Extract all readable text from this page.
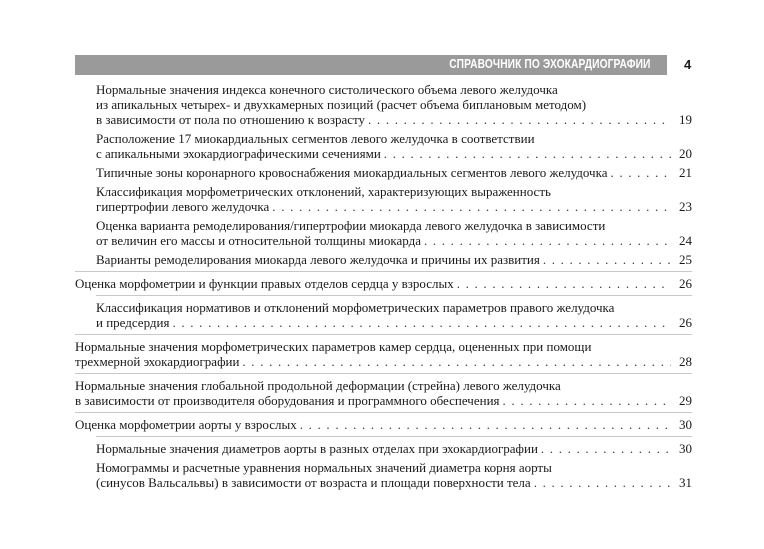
СПРАВОЧНИК ПО ЭХОКАРДИОГРАФИИ	4
Нормальные значения индекса конечного систолического объема левого желудочка
из апикальных четырех- и двухкамерных позиций (расчет объема биплановым методом)
в зависимости от пола по отношению к возрасту . . .	19
Расположение 17 миокардиальных сегментов левого желудочка в соответствии
с апикальными эхокардиографическими сечениями . . .	20
Типичные зоны коронарного кровоснабжения миокардиальных сегментов левого желудочка . . .	21
Классификация морфометрических отклонений, характеризующих выраженность
гипертрофии левого желудочка . . .	23
Оценка варианта ремоделирования/гипертрофии миокарда левого желудочка в зависимости
от величин его массы и относительной толщины миокарда . . .	24
Варианты ремоделирования миокарда левого желудочка и причины их развития . . .	25
Оценка морфометрии и функции правых отделов сердца у взрослых . . .	26
Классификация нормативов и отклонений морфометрических параметров правого желудочка
и предсердия . . .	26
Нормальные значения морфометрических параметров камер сердца, оцененных при помощи
трехмерной эхокардиографии . . .	28
Нормальные значения глобальной продольной деформации (стрейна) левого желудочка
в зависимости от производителя оборудования и программного обеспечения . . .	29
Оценка морфометрии аорты у взрослых . . .	30
Нормальные значения диаметров аорты в разных отделах при эхокардиографии . . .	30
Номограммы и расчетные уравнения нормальных значений диаметра корня аорты
(синусов Вальсальвы) в зависимости от возраста и площади поверхности тела . . .	31
